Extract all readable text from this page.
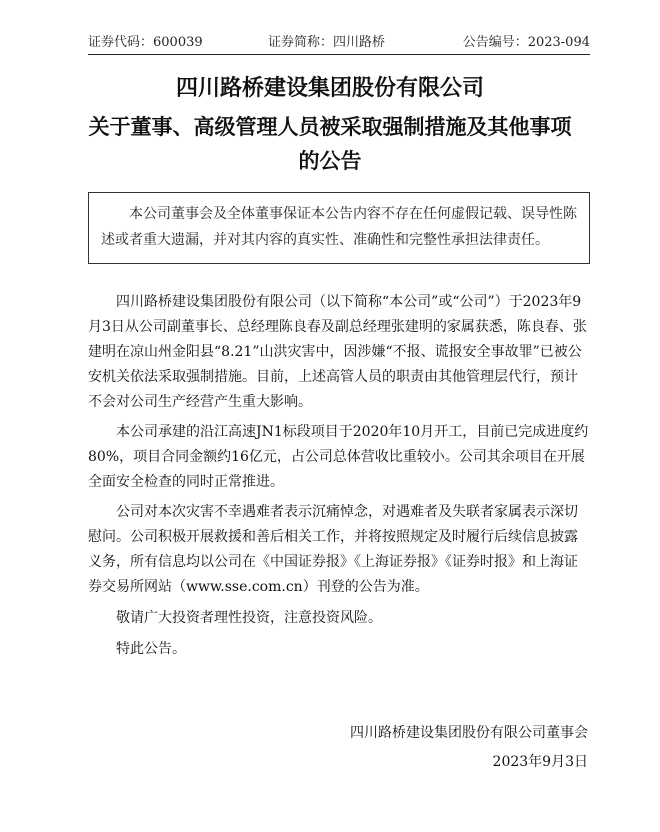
证券代码：600039	证券简称：四川路桥	公告编号：2023-094
四川路桥建设集团股份有限公司
关于董事、高级管理人员被采取强制措施及其他事项
的公告
本公司董事会及全体董事保证本公告内容不存在任何虚假记载、误导性陈述或者重大遗漏，并对其内容的真实性、准确性和完整性承担法律责任。

四川路桥建设集团股份有限公司（以下简称“本公司”或“公司”）于2023年9月3日从公司副董事长、总经理陈良春及副总经理张建明的家属获悉，陈良春、张建明在凉山州金阳县“8.21”山洪灾害中，因涉嫌“不报、谎报安全事故罪”已被公安机关依法采取强制措施。目前，上述高管人员的职责由其他管理层代行，预计不会对公司生产经营产生重大影响。

本公司承建的沿江高速JN1标段项目于2020年10月开工，目前已完成进度约80%，项目合同金额约16亿元，占公司总体营收比重较小。公司其余项目在开展全面安全检查的同时正常推进。

公司对本次灾害不幸遇难者表示沉痛悼念，对遇难者及失联者家属表示深切慰问。公司积极开展救援和善后相关工作，并将按照规定及时履行后续信息披露义务，所有信息均以公司在《中国证券报》《上海证券报》《证券时报》和上海证券交易所网站（www.sse.com.cn）刊登的公告为准。

敬请广大投资者理性投资，注意投资风险。

特此公告。

四川路桥建设集团股份有限公司董事会
2023年9月3日
